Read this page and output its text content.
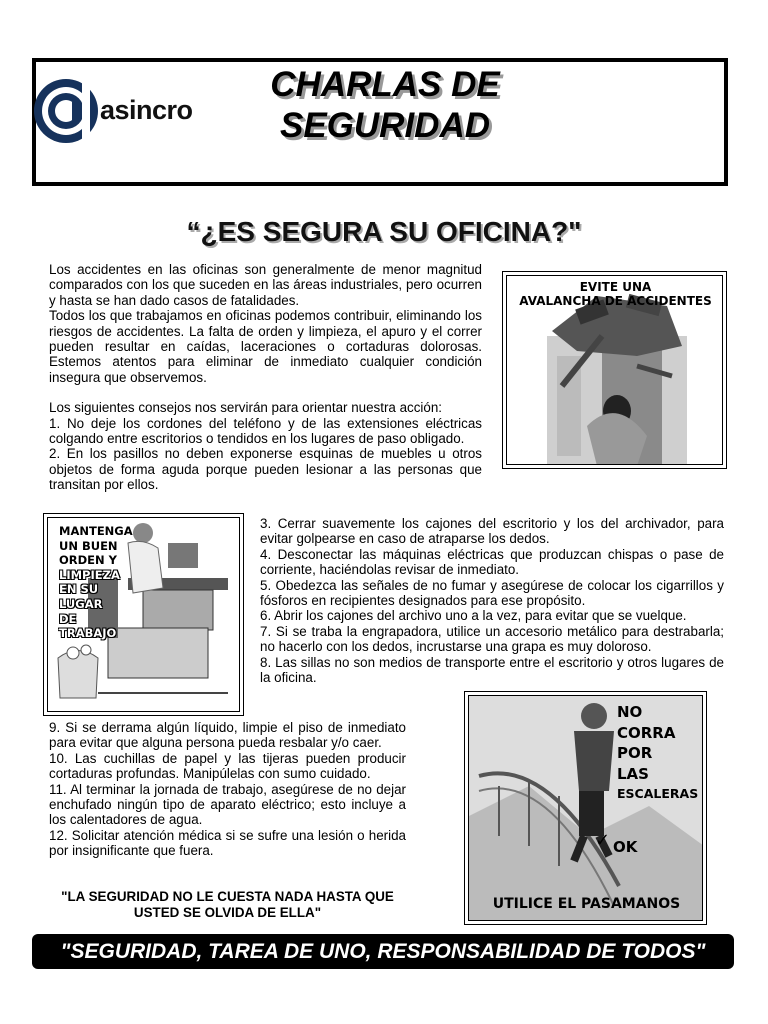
asincro
CHARLAS DE
SEGURIDAD
“¿ES SEGURA SU OFICINA?"

Los accidentes en las oficinas son generalmente de menor magnitud comparados con los que suceden en las áreas industriales, pero ocurren y hasta se han dado casos de fatalidades.

Todos los que trabajamos en oficinas podemos contribuir, eliminando los riesgos de accidentes. La falta de orden y limpieza, el apuro y el correr pueden resultar en caídas, laceraciones o cortaduras dolorosas. Estemos atentos para eliminar de inmediato cualquier condición insegura que observemos.

Los siguientes consejos nos servirán para orientar nuestra acción:

1. No deje los cordones del teléfono y de las extensiones eléctricas colgando entre escritorios o tendidos en los lugares de paso obligado.

2. En los pasillos no deben exponerse esquinas de muebles u otros objetos de forma aguda porque pueden lesionar a las personas que transitan por ellos.

EVITE UNA
AVALANCHA DE ACCIDENTES
MANTENGA
UN BUEN
ORDEN Y
LIMPIEZA
EN SU
LUGAR
DE
TRABAJO

3. Cerrar suavemente los cajones del escritorio y los del archivador, para evitar golpearse en caso de atraparse los dedos.

4. Desconectar las máquinas eléctricas que produzcan chispas o pase de corriente, haciéndolas revisar de inmediato.

5. Obedezca las señales de no fumar y asegúrese de colocar los cigarrillos y fósforos en recipientes designados para ese propósito.

6. Abrir los cajones del archivo uno a la vez, para evitar que se vuelque.

7. Si se traba la engrapadora, utilice un accesorio metálico para destrabarla; no hacerlo con los dedos, incrustarse una grapa es muy doloroso.

8. Las sillas no son medios de transporte entre el escritorio y otros lugares de la oficina.

NO
CORRA
POR
LAS
ESCALERAS
✓ OK
UTILICE EL PASAMANOS

9. Si se derrama algún líquido, limpie el piso de inmediato para evitar que alguna persona pueda resbalar y/o caer.

10. Las cuchillas de papel y las tijeras pueden producir cortaduras profundas. Manipúlelas con sumo cuidado.

11. Al terminar la jornada de trabajo, asegúrese de no dejar enchufado ningún tipo de aparato eléctrico; esto incluye a los calentadores de agua.

12. Solicitar atención médica si se sufre una lesión o herida por insignificante que fuera.

"LA SEGURIDAD NO LE CUESTA NADA HASTA QUE
USTED SE OLVIDA DE ELLA"
"SEGURIDAD, TAREA DE UNO, RESPONSABILIDAD DE TODOS"
